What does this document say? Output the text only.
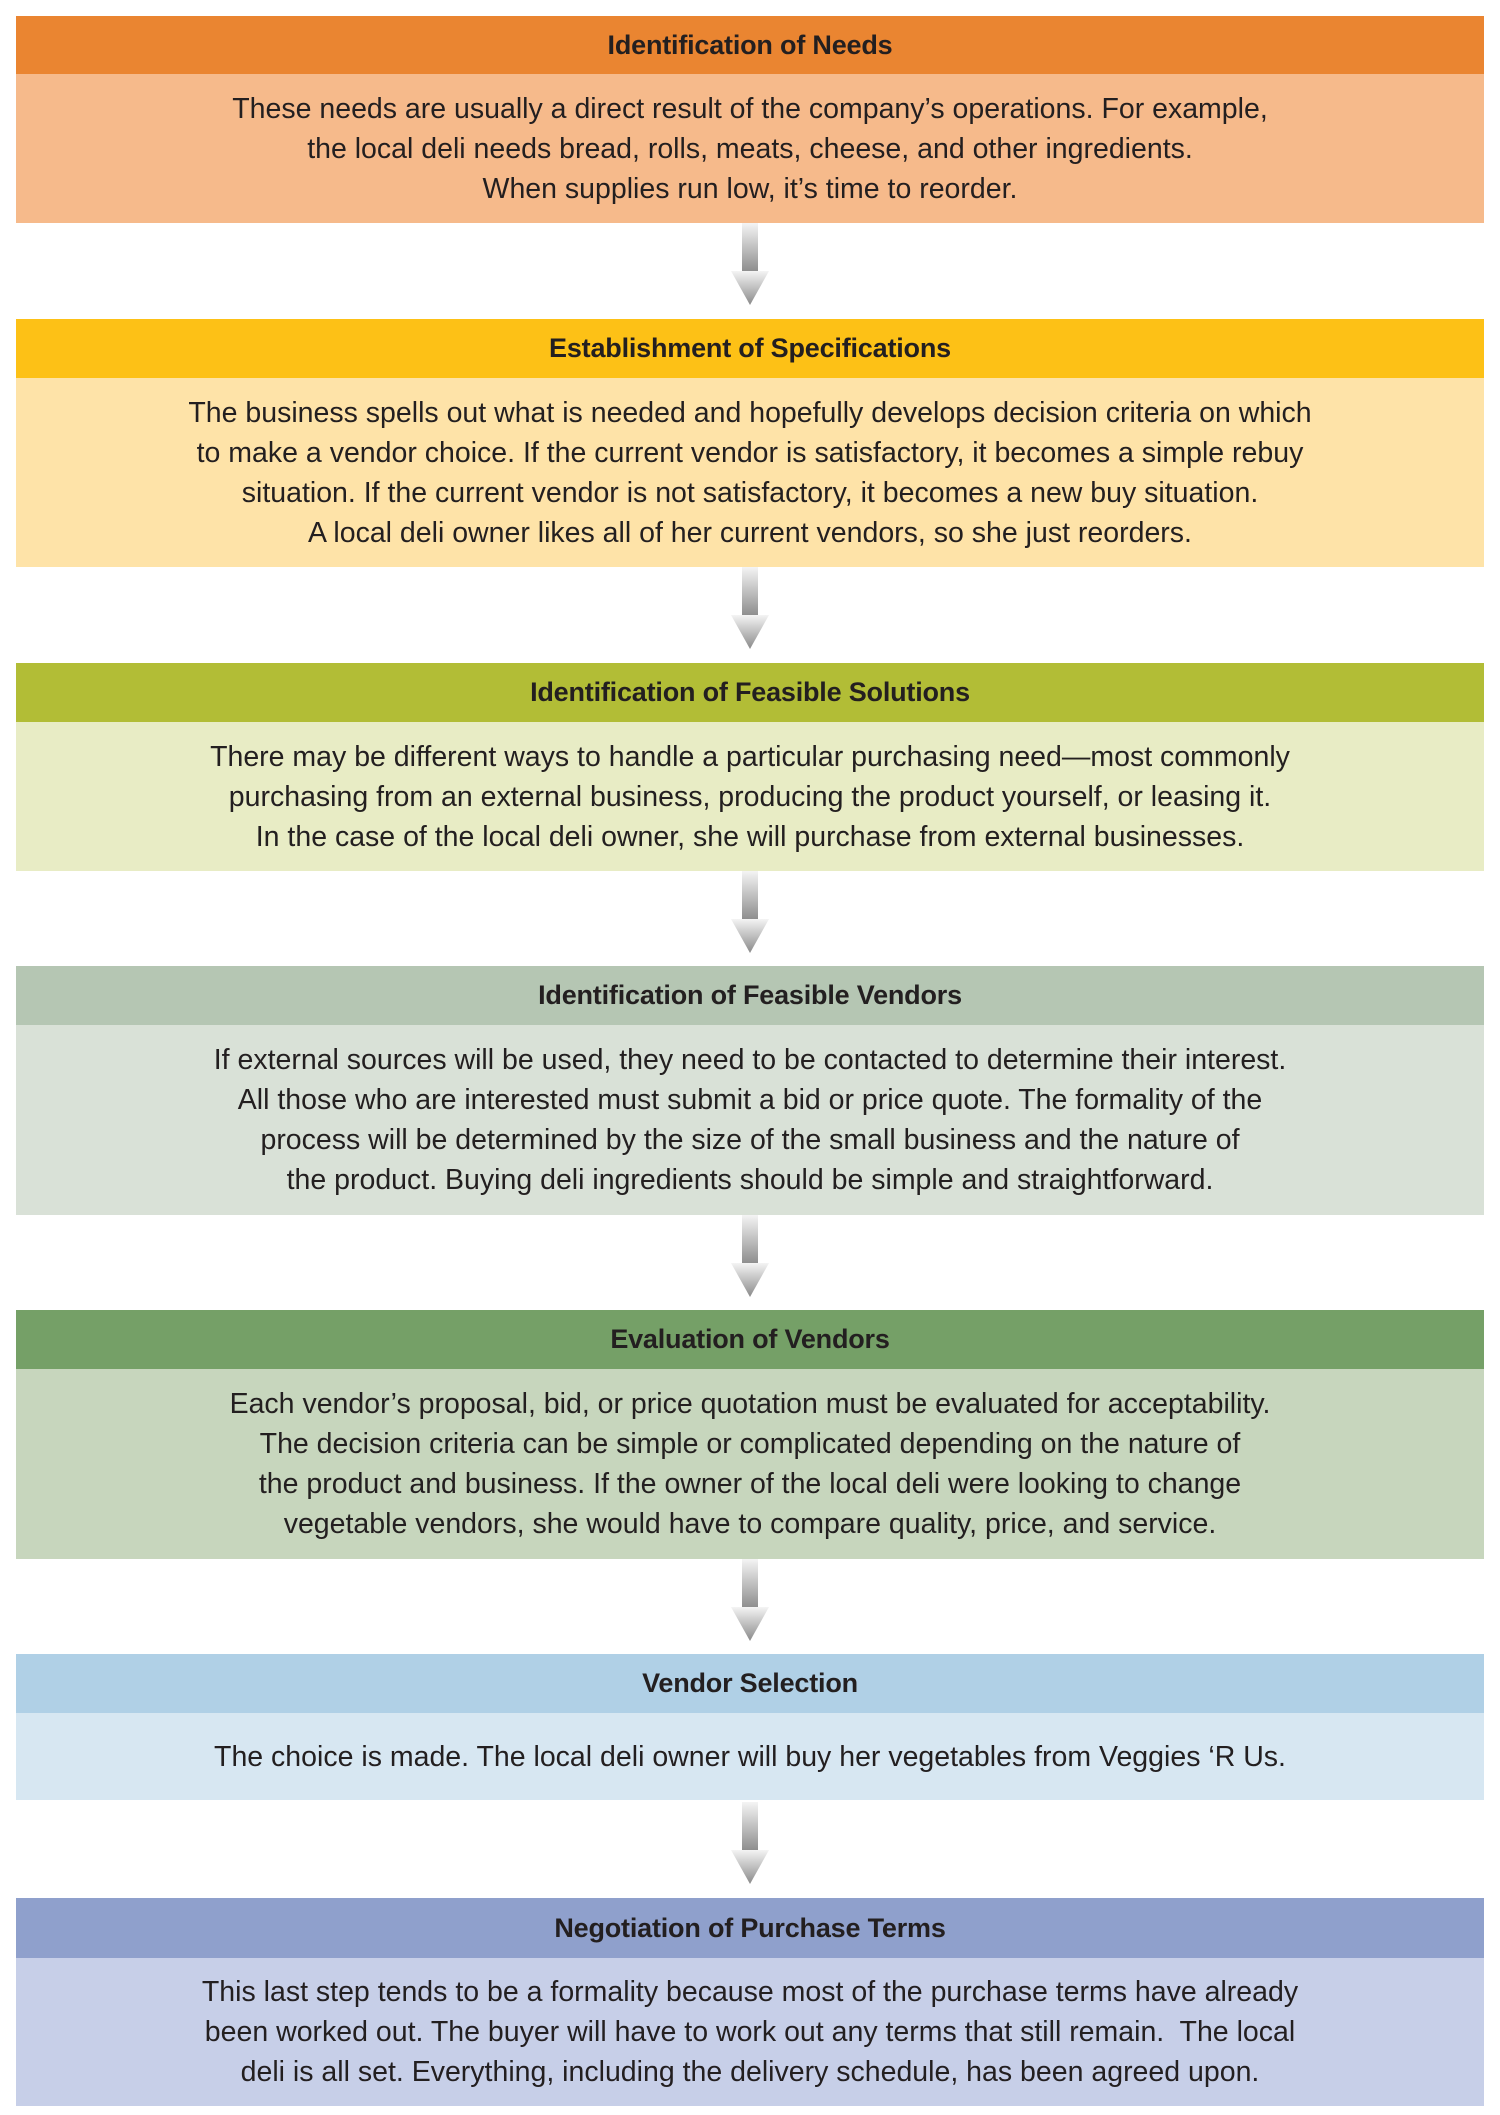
Identification of Needs
These needs are usually a direct result of the company’s operations. For example,
the local deli needs bread, rolls, meats, cheese, and other ingredients.
When supplies run low, it’s time to reorder.
Establishment of Specifications
The business spells out what is needed and hopefully develops decision criteria on which
to make a vendor choice. If the current vendor is satisfactory, it becomes a simple rebuy
situation. If the current vendor is not satisfactory, it becomes a new buy situation.
A local deli owner likes all of her current vendors, so she just reorders.
Identification of Feasible Solutions
There may be different ways to handle a particular purchasing need—most commonly
purchasing from an external business, producing the product yourself, or leasing it.
In the case of the local deli owner, she will purchase from external businesses.
Identification of Feasible Vendors
If external sources will be used, they need to be contacted to determine their interest.
All those who are interested must submit a bid or price quote. The formality of the
process will be determined by the size of the small business and the nature of
the product. Buying deli ingredients should be simple and straightforward.
Evaluation of Vendors
Each vendor’s proposal, bid, or price quotation must be evaluated for acceptability.
The decision criteria can be simple or complicated depending on the nature of
the product and business. If the owner of the local deli were looking to change
vegetable vendors, she would have to compare quality, price, and service.
Vendor Selection
The choice is made. The local deli owner will buy her vegetables from Veggies ‘R Us.
Negotiation of Purchase Terms
This last step tends to be a formality because most of the purchase terms have already
been worked out. The buyer will have to work out any terms that still remain.  The local
deli is all set. Everything, including the delivery schedule, has been agreed upon.
